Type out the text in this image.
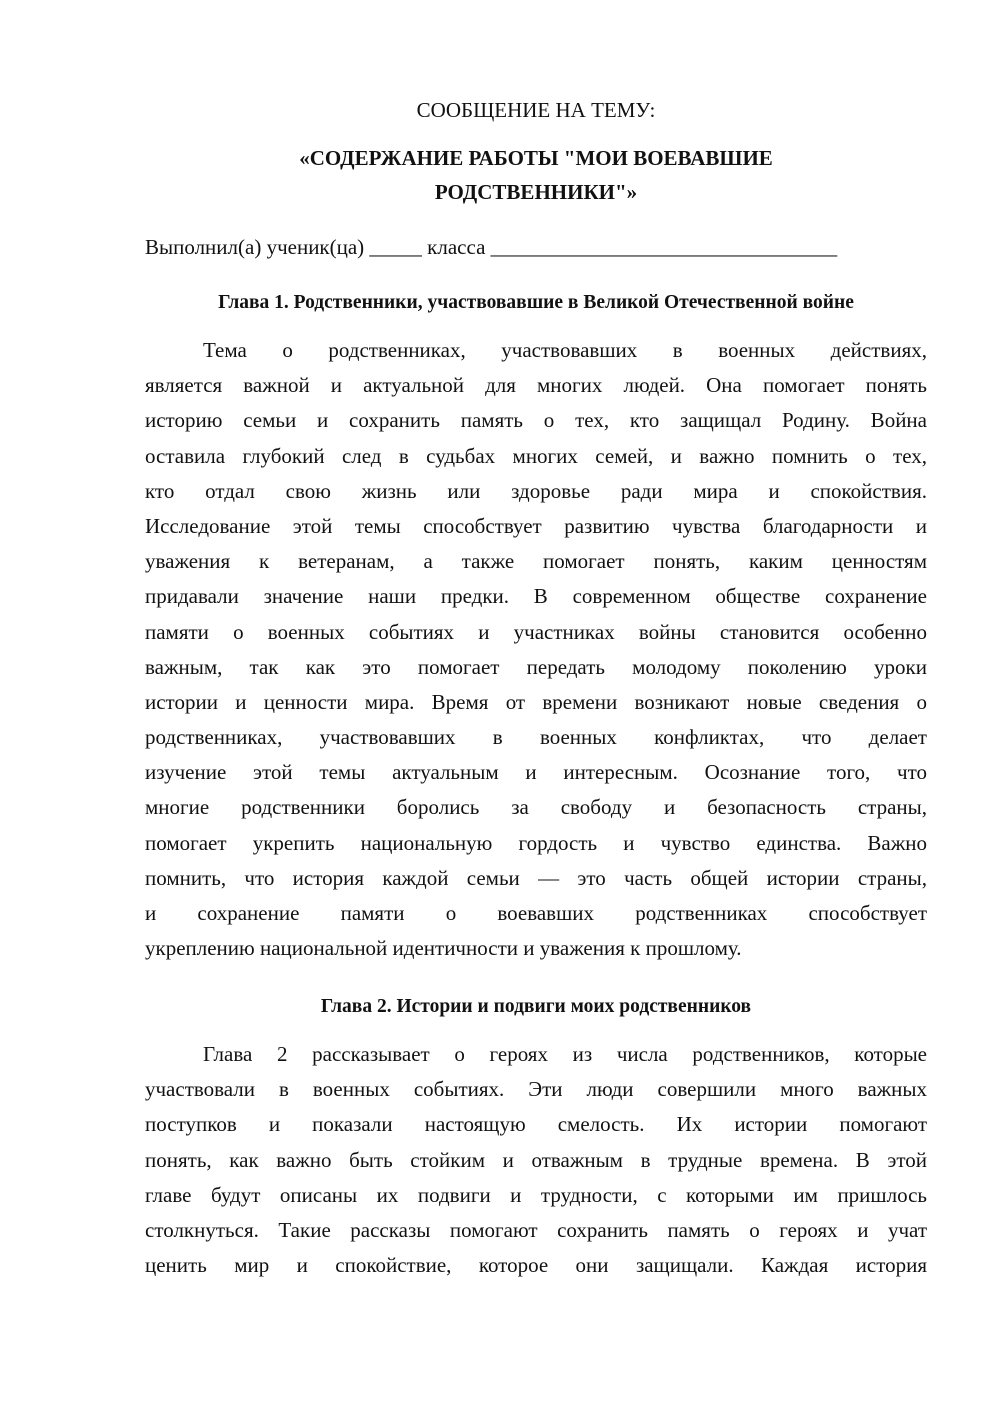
СООБЩЕНИЕ НА ТЕМУ:
«СОДЕРЖАНИЕ РАБОТЫ "МОИ ВОЕВАВШИЕ
РОДСТВЕННИКИ"»
Выполнил(а) ученик(ца) _____ класса _________________________________
Глава 1. Родственники, участвовавшие в Великой Отечественной войне
Тема о родственниках, участвовавших в военных действиях,
является важной и актуальной для многих людей. Она помогает понять
историю семьи и сохранить память о тех, кто защищал Родину. Война
оставила глубокий след в судьбах многих семей, и важно помнить о тех,
кто отдал свою жизнь или здоровье ради мира и спокойствия.
Исследование этой темы способствует развитию чувства благодарности и
уважения к ветеранам, а также помогает понять, каким ценностям
придавали значение наши предки. В современном обществе сохранение
памяти о военных событиях и участниках войны становится особенно
важным, так как это помогает передать молодому поколению уроки
истории и ценности мира. Время от времени возникают новые сведения о
родственниках, участвовавших в военных конфликтах, что делает
изучение этой темы актуальным и интересным. Осознание того, что
многие родственники боролись за свободу и безопасность страны,
помогает укрепить национальную гордость и чувство единства. Важно
помнить, что история каждой семьи — это часть общей истории страны,
и сохранение памяти о воевавших родственниках способствует
укреплению национальной идентичности и уважения к прошлому.
Глава 2. Истории и подвиги моих родственников
Глава 2 рассказывает о героях из числа родственников, которые
участвовали в военных событиях. Эти люди совершили много важных
поступков и показали настоящую смелость. Их истории помогают
понять, как важно быть стойким и отважным в трудные времена. В этой
главе будут описаны их подвиги и трудности, с которыми им пришлось
столкнуться. Такие рассказы помогают сохранить память о героях и учат
ценить мир и спокойствие, которое они защищали. Каждая история
